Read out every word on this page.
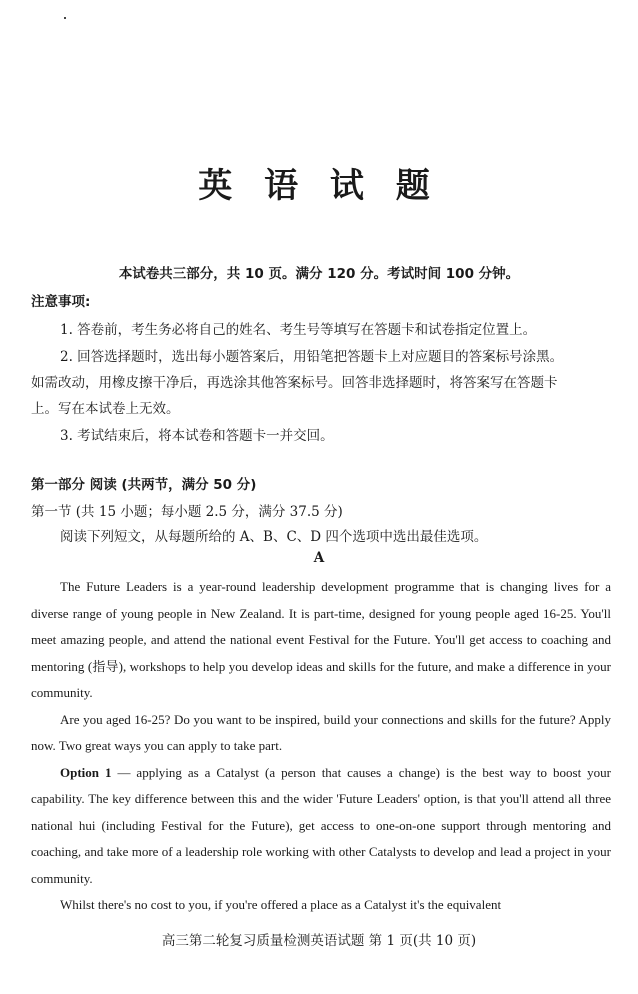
英 语 试 题
本试卷共三部分，共 10 页。满分 120 分。考试时间 100 分钟。
注意事项:
1. 答卷前，考生务必将自己的姓名、考生号等填写在答题卡和试卷指定位置上。
2. 回答选择题时，选出每小题答案后，用铅笔把答题卡上对应题目的答案标号涂黑。
如需改动，用橡皮擦干净后，再选涂其他答案标号。回答非选择题时，将答案写在答题卡
上。写在本试卷上无效。
3. 考试结束后，将本试卷和答题卡一并交回。
第一部分 阅读 (共两节，满分 50 分)
第一节 (共 15 小题；每小题 2.5 分，满分 37.5 分)
阅读下列短文，从每题所给的 A、B、C、D 四个选项中选出最佳选项。
A

The Future Leaders is a year-round leadership development programme that is changing lives for a diverse range of young people in New Zealand. It is part-time, designed for young people aged 16-25. You'll meet amazing people, and attend the national event Festival for the Future. You'll get access to coaching and mentoring (指导), workshops to help you develop ideas and skills for the future, and make a difference in your community.

Are you aged 16-25? Do you want to be inspired, build your connections and skills for the future? Apply now. Two great ways you can apply to take part.

Option 1 — applying as a Catalyst (a person that causes a change) is the best way to boost your capability. The key difference between this and the wider 'Future Leaders' option, is that you'll attend all three national hui (including Festival for the Future), get access to one-on-one support through mentoring and coaching, and take more of a leadership role working with other Catalysts to develop and lead a project in your community.

Whilst there's no cost to you, if you're offered a place as a Catalyst it's the equivalent

高三第二轮复习质量检测英语试题 第 1 页(共 10 页)
